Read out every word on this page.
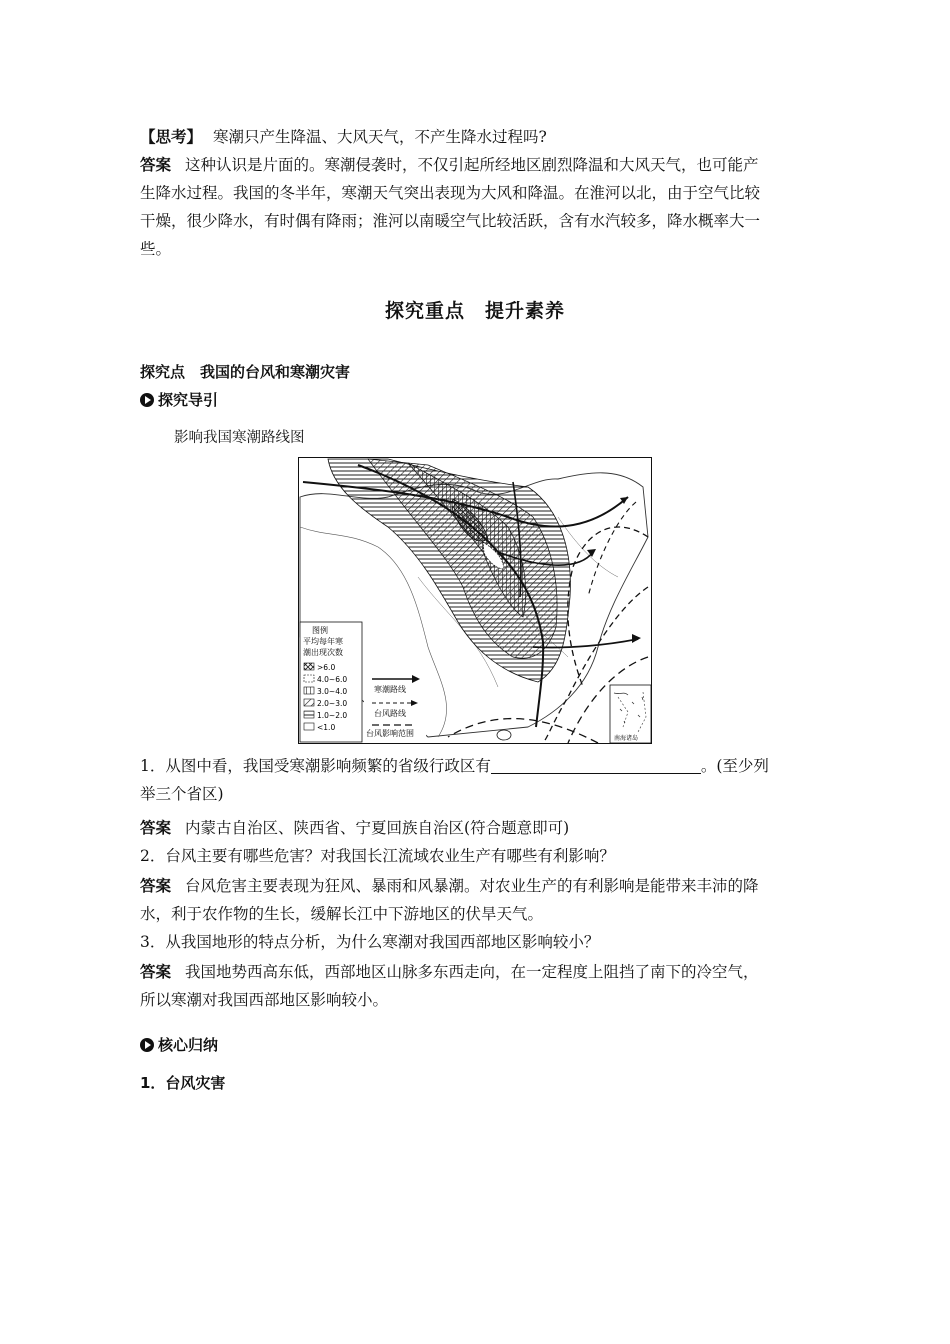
【思考】 寒潮只产生降温、大风天气，不产生降水过程吗?
答案 这种认识是片面的。寒潮侵袭时，不仅引起所经地区剧烈降温和大风天气，也可能产
生降水过程。我国的冬半年，寒潮天气突出表现为大风和降温。在淮河以北，由于空气比较
干燥，很少降水，有时偶有降雨；淮河以南暖空气比较活跃，含有水汽较多，降水概率大一
些。
探究重点　提升素养
探究点　我国的台风和寒潮灾害
探究导引
影响我国寒潮路线图
图例
平均每年寒
潮出现次数
>6.0
4.0~6.0
3.0~4.0
2.0~3.0
1.0~2.0
<1.0
寒潮路线
台风路线
台风影响范围
南海诸岛
1．从图中看，我国受寒潮影响频繁的省级行政区有	。(至少列
举三个省区)
答案 内蒙古自治区、陕西省、宁夏回族自治区(符合题意即可)
2．台风主要有哪些危害？对我国长江流域农业生产有哪些有利影响？
答案 台风危害主要表现为狂风、暴雨和风暴潮。对农业生产的有利影响是能带来丰沛的降
水，利于农作物的生长，缓解长江中下游地区的伏旱天气。
3．从我国地形的特点分析，为什么寒潮对我国西部地区影响较小？
答案 我国地势西高东低，西部地区山脉多东西走向，在一定程度上阻挡了南下的冷空气，
所以寒潮对我国西部地区影响较小。
核心归纳
1．台风灾害
